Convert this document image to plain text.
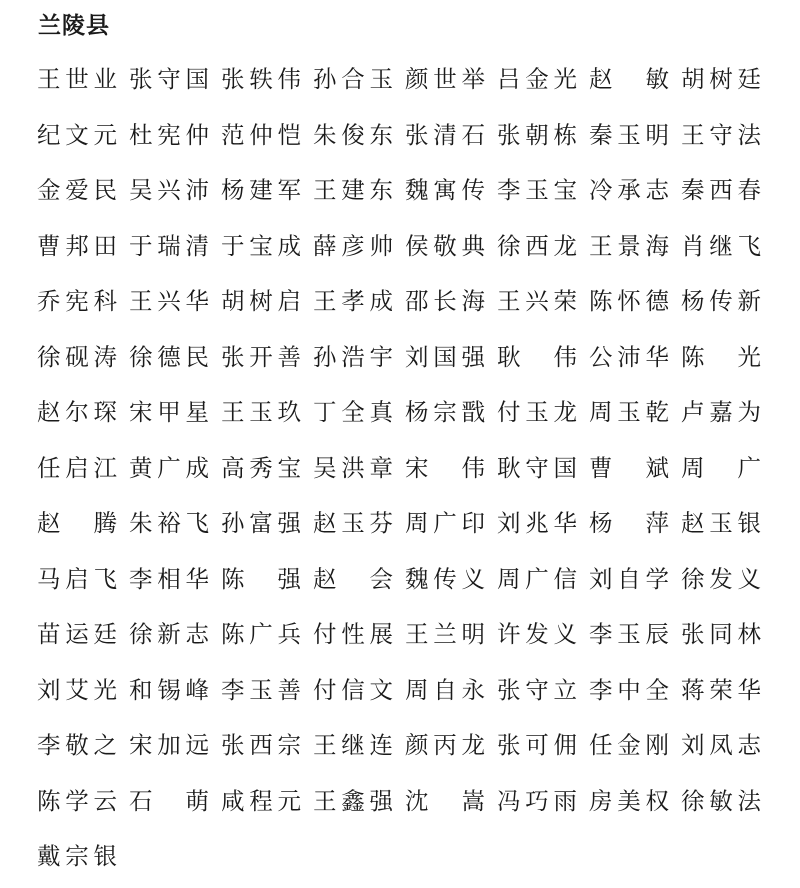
兰陵县
王 世 业 张 守 国 张 轶 伟 孙 合 玉 颜 世 举 吕 金 光 赵 敏 胡 树 廷
纪 文 元 杜 宪 仲 范 仲 恺 朱 俊 东 张 清 石 张 朝 栋 秦 玉 明 王 守 法
金 爱 民 吴 兴 沛 杨 建 军 王 建 东 魏 寓 传 李 玉 宝 冷 承 志 秦 西 春
曹 邦 田 于 瑞 清 于 宝 成 薛 彦 帅 侯 敬 典 徐 西 龙 王 景 海 肖 继 飞
乔 宪 科 王 兴 华 胡 树 启 王 孝 成 邵 长 海 王 兴 荣 陈 怀 德 杨 传 新
徐 砚 涛 徐 德 民 张 开 善 孙 浩 宇 刘 国 强 耿 伟 公 沛 华 陈 光
赵 尔 琛 宋 甲 星 王 玉 玖 丁 全 真 杨 宗 戬 付 玉 龙 周 玉 乾 卢 嘉 为
任 启 江 黄 广 成 高 秀 宝 吴 洪 章 宋 伟 耿 守 国 曹 斌 周 广
赵 腾 朱 裕 飞 孙 富 强 赵 玉 芬 周 广 印 刘 兆 华 杨 萍 赵 玉 银
马 启 飞 李 相 华 陈 强 赵 会 魏 传 义 周 广 信 刘 自 学 徐 发 义
苗 运 廷 徐 新 志 陈 广 兵 付 性 展 王 兰 明 许 发 义 李 玉 辰 张 同 林
刘 艾 光 和 锡 峰 李 玉 善 付 信 文 周 自 永 张 守 立 李 中 全 蒋 荣 华
李 敬 之 宋 加 远 张 西 宗 王 继 连 颜 丙 龙 张 可 佣 任 金 刚 刘 凤 志
陈 学 云 石 萌 咸 程 元 王 鑫 强 沈 嵩 冯 巧 雨 房 美 权 徐 敏 法
戴 宗 银
